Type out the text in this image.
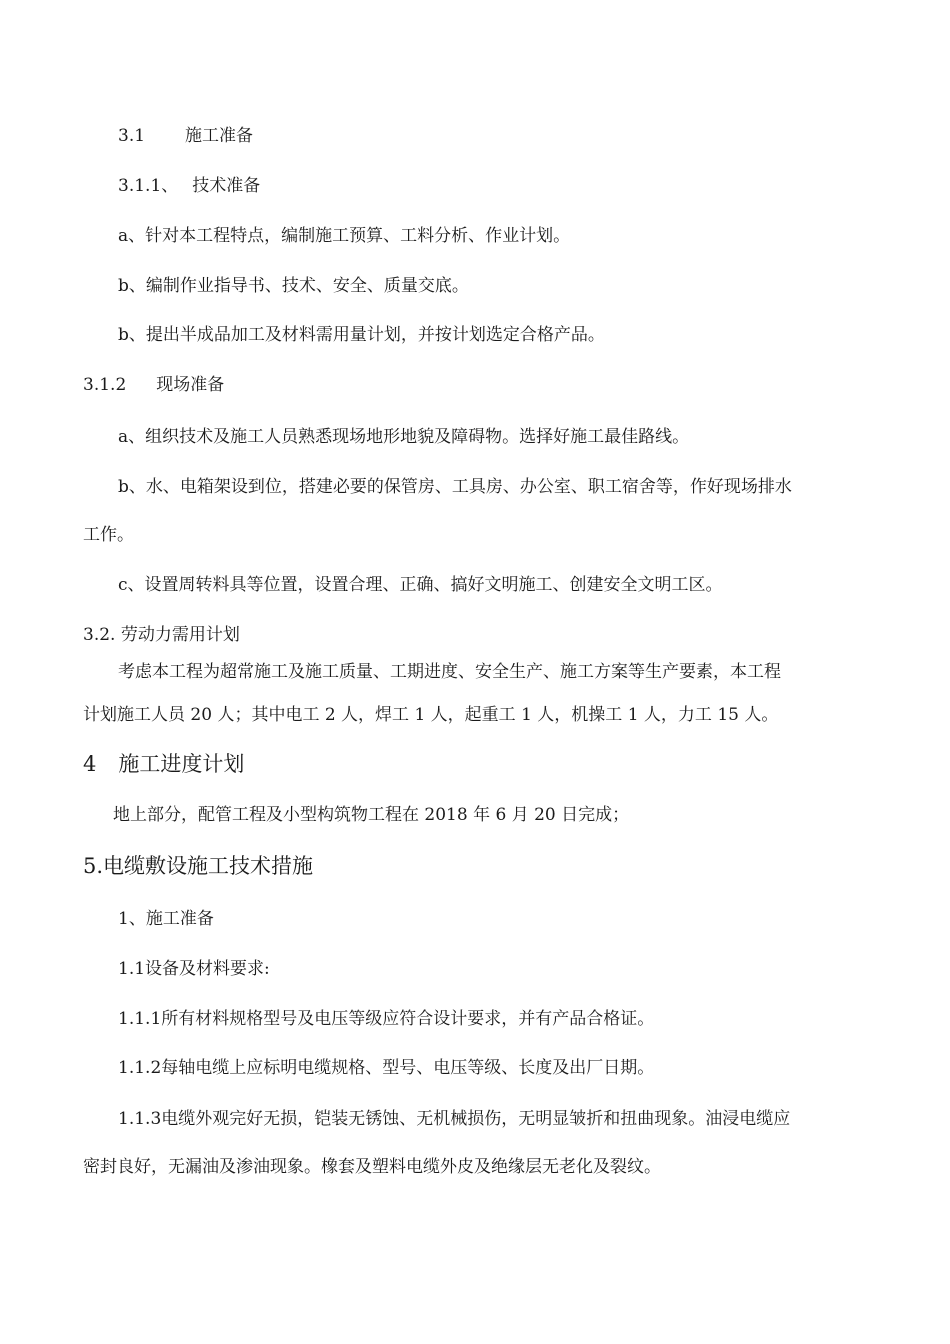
3.1 施工准备
3.1.1、 技术准备
a、针对本工程特点，编制施工预算、工料分析、作业计划。
b、编制作业指导书、技术、安全、质量交底。
b、提出半成品加工及材料需用量计划，并按计划选定合格产品。
3.1.2 现场准备
a、组织技术及施工人员熟悉现场地形地貌及障碍物。选择好施工最佳路线。
b、水、电箱架设到位，搭建必要的保管房、工具房、办公室、职工宿舍等，作好现场排水
工作。
c、设置周转料具等位置，设置合理、正确、搞好文明施工、创建安全文明工区。
3.2. 劳动力需用计划
考虑本工程为超常施工及施工质量、工期进度、安全生产、施工方案等生产要素，本工程
计划施工人员 20 人；其中电工 2 人，焊工 1 人，起重工 1 人，机操工 1 人，力工 15 人。
4 施工进度计划
地上部分，配管工程及小型构筑物工程在 2018 年 6 月 20 日完成；
5.电缆敷设施工技术措施
1、施工准备
1.1设备及材料要求:
1.1.1所有材料规格型号及电压等级应符合设计要求，并有产品合格证。
1.1.2每轴电缆上应标明电缆规格、型号、电压等级、长度及出厂日期。
1.1.3电缆外观完好无损，铠装无锈蚀、无机械损伤，无明显皱折和扭曲现象。油浸电缆应
密封良好，无漏油及渗油现象。橡套及塑料电缆外皮及绝缘层无老化及裂纹。
